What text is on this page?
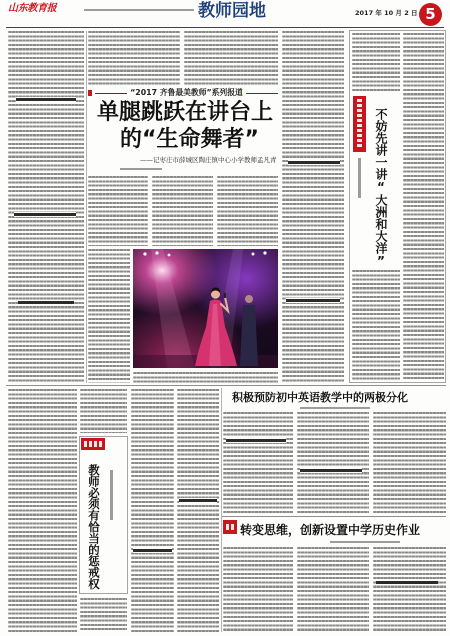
山东教育报	教师园地	2017 年 10 月 2 日 5
“2017 齐鲁最美教师”系列报道
单腿跳跃在讲台上
的“生命舞者”
——记枣庄市薛城区陶庄镇中心小学教师孟凡青	不妨先讲一讲“大洲和大洋”
教师必须有恰当的惩戒权
积极预防初中英语教学中的两极分化
转变思维，创新设置中学历史作业
